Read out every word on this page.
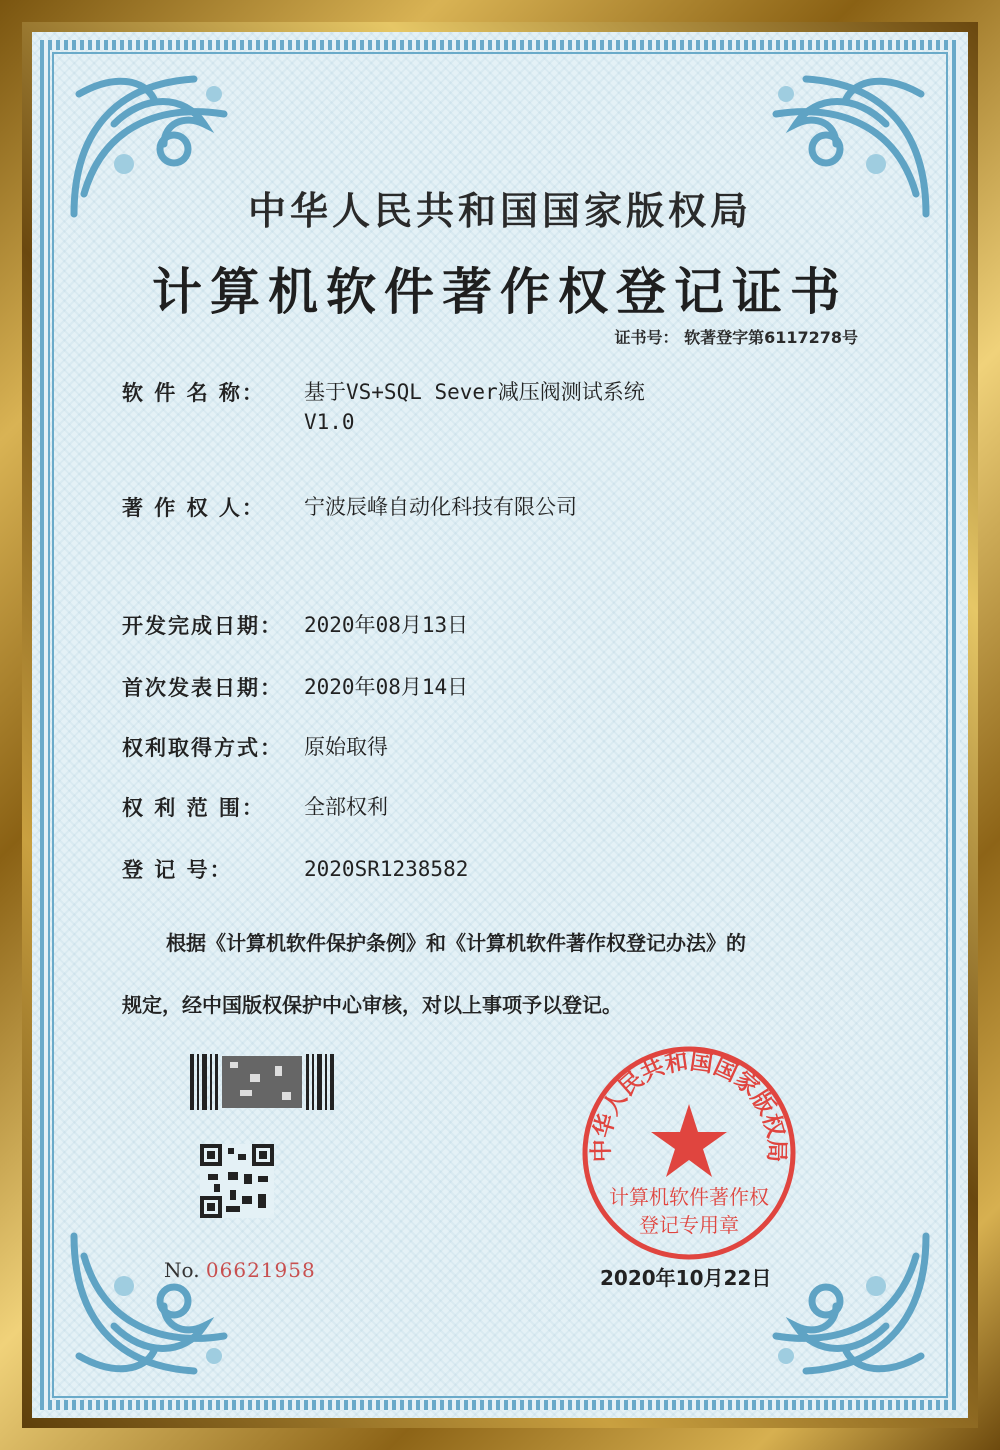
中华人民共和国国家版权局
计算机软件著作权登记证书
证书号： 软著登字第6117278号
软 件 名 称：	基于VS+SQL Sever减压阀测试系统
V1.0
著 作 权 人：	宁波辰峰自动化科技有限公司
开发完成日期：	2020年08月13日
首次发表日期：	2020年08月14日
权利取得方式：	原始取得
权 利 范 围：	全部权利
登 记 号：	2020SR1238582
根据《计算机软件保护条例》和《计算机软件著作权登记办法》的
规定，经中国版权保护中心审核，对以上事项予以登记。
No. 06621958
中华人民共和国国家版权局
计算机软件著作权
登记专用章
2020年10月22日
